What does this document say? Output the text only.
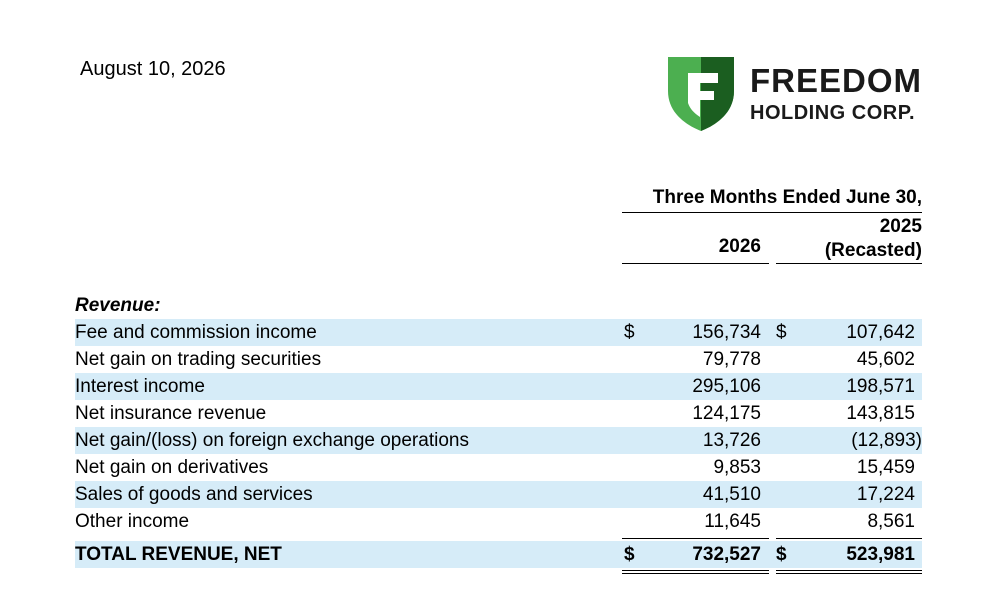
August 10, 2026	FREEDOM
HOLDING CORP.
Three Months Ended June 30,
2026
2025
(Recasted)
Revenue:
Fee and commission income	$	156,734 $	107,642
Net gain on trading securities	79,778	45,602
Interest income	295,106	198,571
Net insurance revenue	124,175	143,815
Net gain/(loss) on foreign exchange operations	13,726	(12,893)
Net gain on derivatives	9,853	15,459
Sales of goods and services	41,510	17,224
Other income	11,645	8,561
TOTAL REVENUE, NET	$	732,527 $	523,981
